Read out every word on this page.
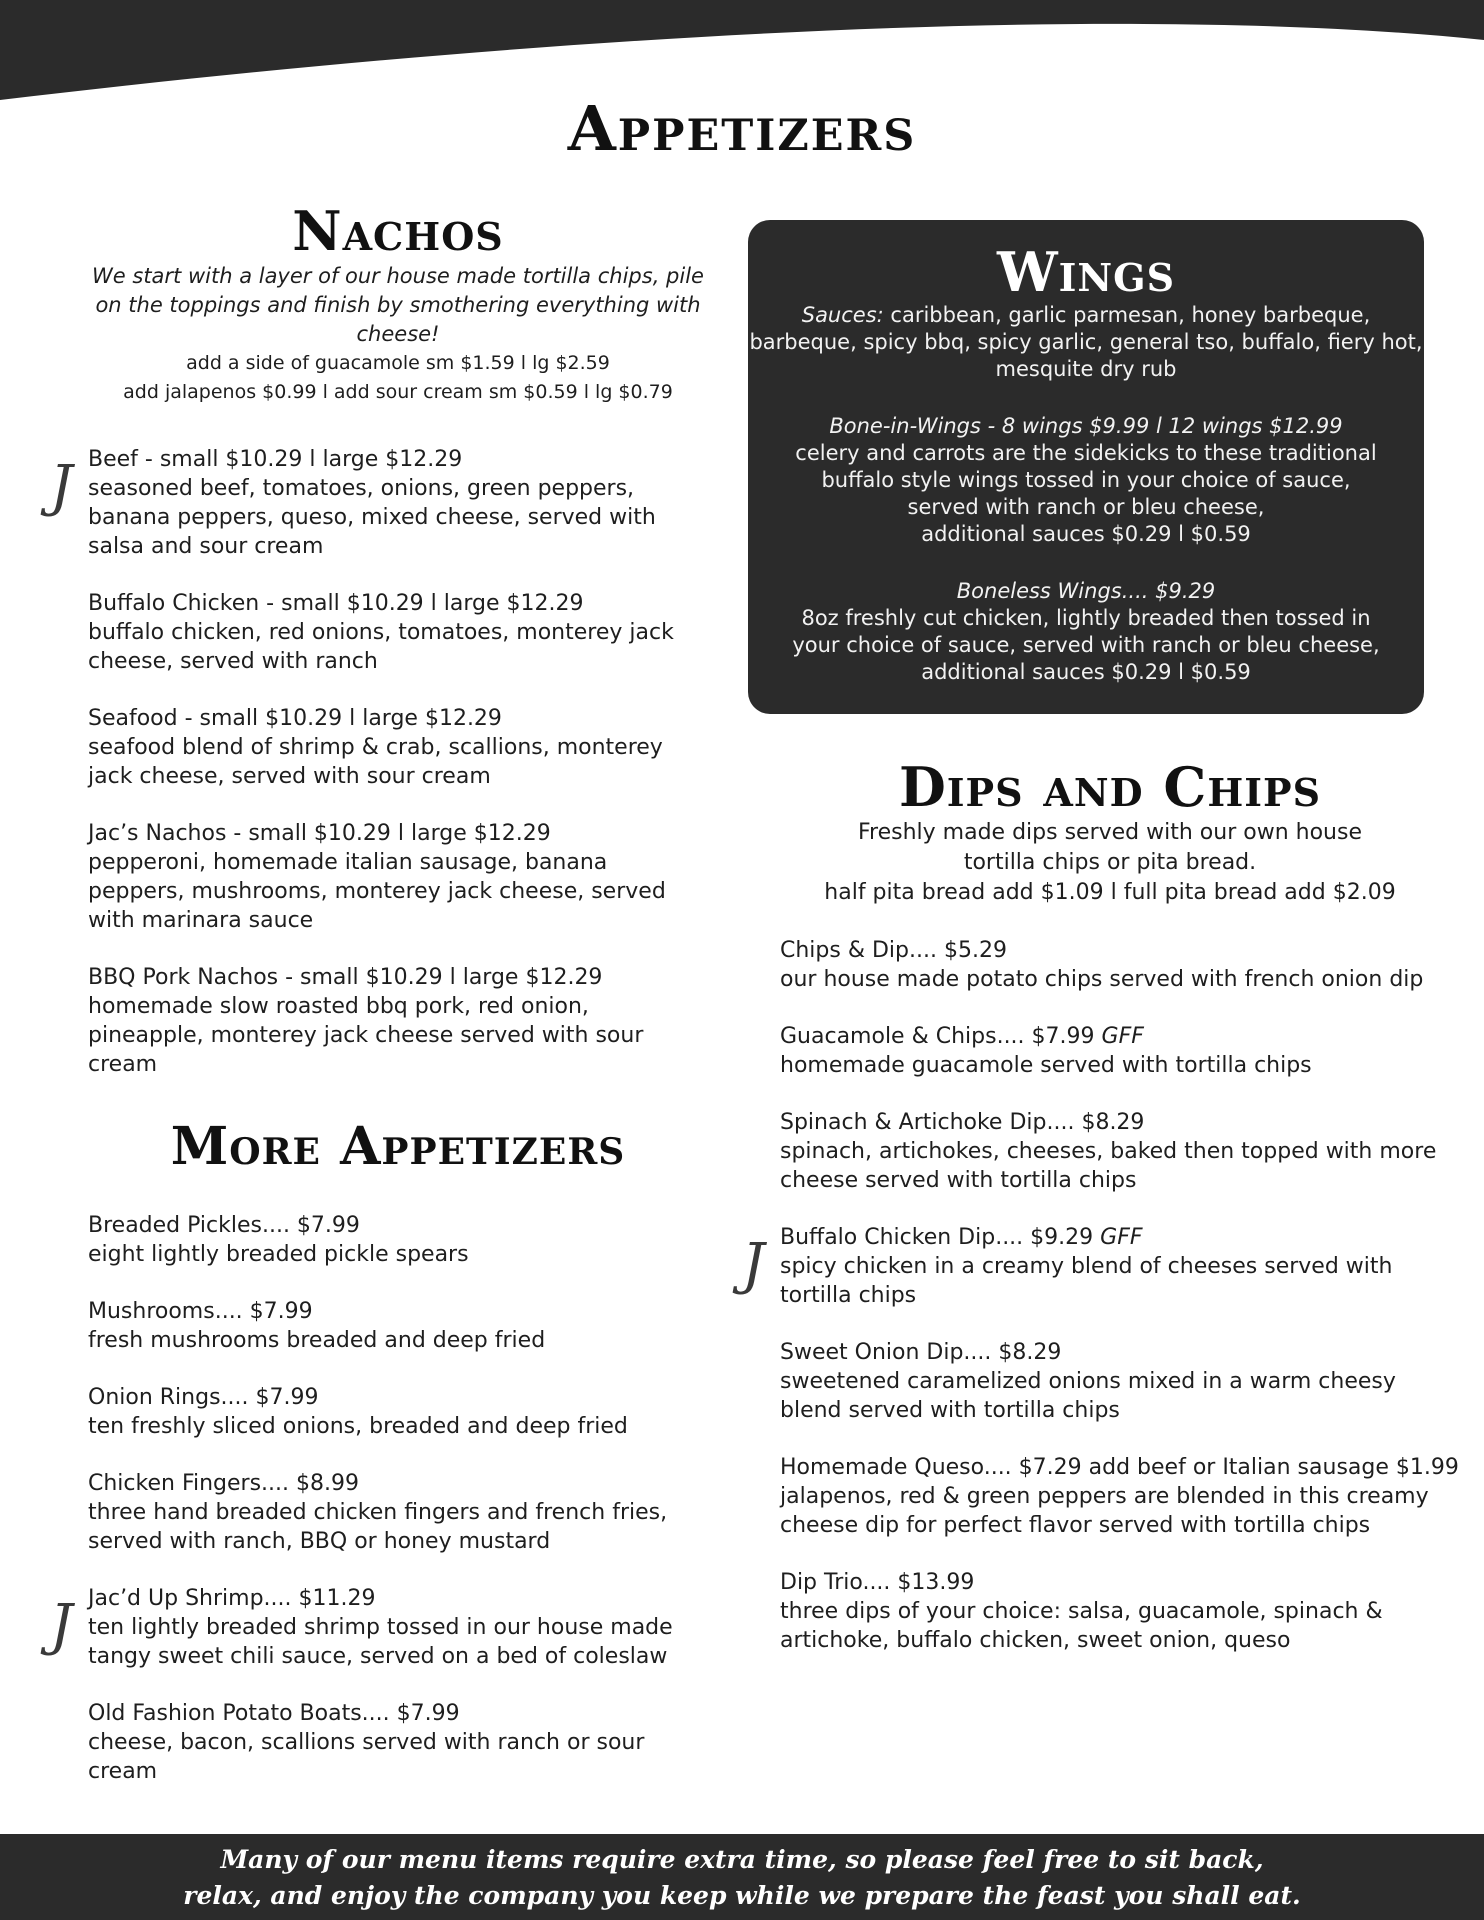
Appetizers
Nachos
We start with a layer of our house made tortilla chips, pile on the toppings and finish by smothering everything with cheese!
add a side of guacamole sm $1.59 l lg $2.59
add jalapenos $0.99 l add sour cream sm $0.59 l lg $0.79
J Beef - small $10.29 l large $12.29
seasoned beef, tomatoes, onions, green peppers, banana peppers, queso, mixed cheese, served with salsa and sour cream
Buffalo Chicken - small $10.29 l large $12.29
buffalo chicken, red onions, tomatoes, monterey jack cheese, served with ranch
Seafood - small $10.29 l large $12.29
seafood blend of shrimp & crab, scallions, monterey jack cheese, served with sour cream
Jac’s Nachos - small $10.29 l large $12.29
pepperoni, homemade italian sausage, banana peppers, mushrooms, monterey jack cheese, served with marinara sauce
BBQ Pork Nachos - small $10.29 l large $12.29
homemade slow roasted bbq pork, red onion, pineapple, monterey jack cheese served with sour cream
More Appetizers
Breaded Pickles.... $7.99
eight lightly breaded pickle spears
Mushrooms.... $7.99
fresh mushrooms breaded and deep fried
Onion Rings.... $7.99
ten freshly sliced onions, breaded and deep fried
Chicken Fingers.... $8.99
three hand breaded chicken fingers and french fries, served with ranch, BBQ or honey mustard
J Jac’d Up Shrimp.... $11.29
ten lightly breaded shrimp tossed in our house made tangy sweet chili sauce, served on a bed of coleslaw
Old Fashion Potato Boats.... $7.99
cheese, bacon, scallions served with ranch or sour cream
Wings

Sauces: caribbean, garlic parmesan, honey barbeque, barbeque, spicy bbq, spicy garlic, general tso, buffalo, fiery hot, mesquite dry rub

Bone-in-Wings - 8 wings $9.99 l 12 wings $12.99

celery and carrots are the sidekicks to these traditional

buffalo style wings tossed in your choice of sauce,

served with ranch or bleu cheese,

additional sauces $0.29 l $0.59

Boneless Wings.... $9.29

8oz freshly cut chicken, lightly breaded then tossed in

your choice of sauce, served with ranch or bleu cheese,

additional sauces $0.29 l $0.59

Dips and Chips
Freshly made dips served with our own house
tortilla chips or pita bread.
half pita bread add $1.09 l full pita bread add $2.09
Chips & Dip.... $5.29
our house made potato chips served with french onion dip
Guacamole & Chips.... $7.99 GFF
homemade guacamole served with tortilla chips
Spinach & Artichoke Dip.... $8.29
spinach, artichokes, cheeses, baked then topped with more cheese served with tortilla chips
J Buffalo Chicken Dip.... $9.29 GFF
spicy chicken in a creamy blend of cheeses served with tortilla chips
Sweet Onion Dip.... $8.29
sweetened caramelized onions mixed in a warm cheesy blend served with tortilla chips
Homemade Queso.... $7.29 add beef or Italian sausage $1.99
jalapenos, red & green peppers are blended in this creamy cheese dip for perfect flavor served with tortilla chips
Dip Trio.... $13.99
three dips of your choice: salsa, guacamole, spinach & artichoke, buffalo chicken, sweet onion, queso
Many of our menu items require extra time, so please feel free to sit back,
relax, and enjoy the company you keep while we prepare the feast you shall eat.
